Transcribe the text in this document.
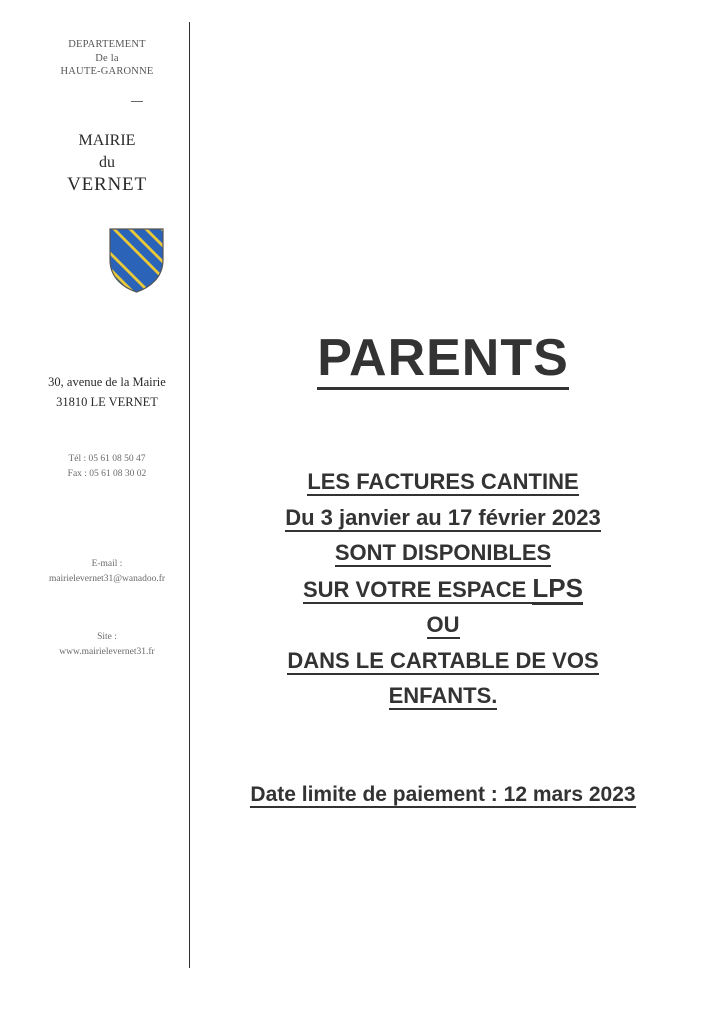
DEPARTEMENT
De la
HAUTE-GARONNE
MAIRIE
du
VERNET
30, avenue de la Mairie
31810 LE VERNET
Tél : 05 61 08 50 47
Fax : 05 61 08 30 02
E-mail :
mairielevernet31@wanadoo.fr
Site :
www.mairielevernet31.fr
PARENTS
LES FACTURES CANTINE
Du 3 janvier au 17 février 2023
SONT DISPONIBLES
SUR VOTRE ESPACE LPS
OU
DANS LE CARTABLE DE VOS
ENFANTS.
Date limite de paiement : 12 mars 2023
